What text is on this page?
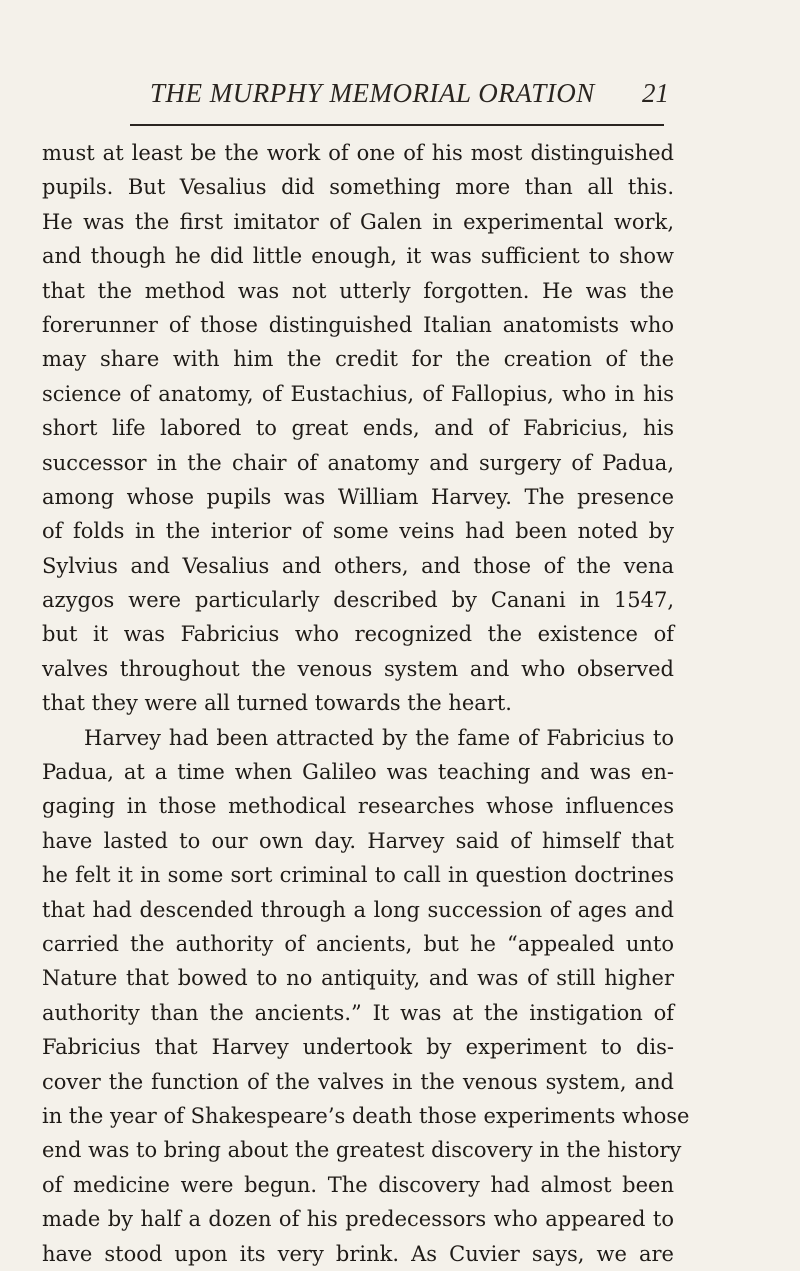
THE MURPHY MEMORIAL ORATION 21
must at least be the work of one of his most distinguished
pupils. But Vesalius did something more than all this.
He was the first imitator of Galen in experimental work,
and though he did little enough, it was sufficient to show
that the method was not utterly forgotten. He was the
forerunner of those distinguished Italian anatomists who
may share with him the credit for the creation of the
science of anatomy, of Eustachius, of Fallopius, who in his
short life labored to great ends, and of Fabricius, his
successor in the chair of anatomy and surgery of Padua,
among whose pupils was William Harvey. The presence
of folds in the interior of some veins had been noted by
Sylvius and Vesalius and others, and those of the vena
azygos were particularly described by Canani in 1547,
but it was Fabricius who recognized the existence of
valves throughout the venous system and who observed
that they were all turned towards the heart.
Harvey had been attracted by the fame of Fabricius to
Padua, at a time when Galileo was teaching and was en-
gaging in those methodical researches whose influences
have lasted to our own day. Harvey said of himself that
he felt it in some sort criminal to call in question doctrines
that had descended through a long succession of ages and
carried the authority of ancients, but he “appealed unto
Nature that bowed to no antiquity, and was of still higher
authority than the ancients.” It was at the instigation of
Fabricius that Harvey undertook by experiment to dis-
cover the function of the valves in the venous system, and
in the year of Shakespeare’s death those experiments whose
end was to bring about the greatest discovery in the history
of medicine were begun. The discovery had almost been
made by half a dozen of his predecessors who appeared to
have stood upon its very brink. As Cuvier says, we are
